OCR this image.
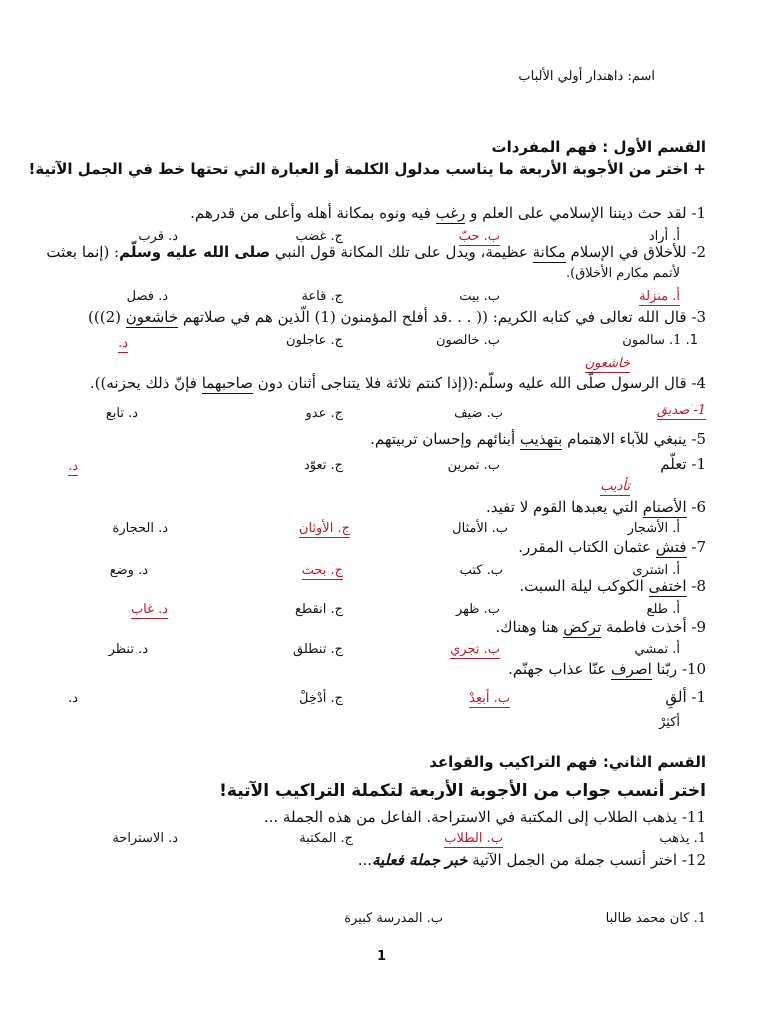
اسم: داهندار أولي الألباب
القسم الأول : فهم المفردات
+ اختر من الأجوبة الأربعة ما يناسب مدلول الكلمة أو العبارة التي تحتها خط في الجمل الآتية!
1- لقد حث ديننا الإسلامي على العلم و رغب فيه ونوه بمكانة أهله وأعلى من قدرهم.
أ. أراد
ب. حبّ
ج. غضب
د. قرب
2- للأخلاق في الإسلام مكانة عظيمة، ويدل على تلك المكانة قول النبي صلى الله عليه وسلّم: (إنما بعثت
لأتمم مكارم الأخلاق).
أ. منزلة
ب. بيت
ج. قاعة
د. فصل
3- قال الله تعالى في كتابه الكريم: (( . . .قد أفلح المؤمنون (1) الّذين هم في صلاتهم خاشعون (2)))
1. 1. سالمون
ب. خالصون
ج. عاجلون
د.
خاشعون
4- قال الرسول صلّى الله عليه وسلّم:((إذا كنتم ثلاثة فلا يتناجى أثنان دون صاحبهما فإنّ ذلك يحزنه)).
1- صديق
ب. ضيف
ج. عدو
د. تابع
5- ينبغي للآباء الاهتمام بتهذيب أبنائهم وإحسان تربيتهم.
1- تعلّم
ب. تمرين
ج. تعوّد
د.
تأديب
6- الأصنام التي يعبدها القوم لا تفيد.
أ. الأشجار
ب. الأمثال
ج. الأوثان
د. الحجارة
7- فتش عثمان الكتاب المقرر.
أ. اشترى
ب. كتب
ج. بحث
د. وضع
8- اختفى الكوكب ليلة السبت.
أ. طلع
ب. ظهر
ج. انقطع
د. غاب
9- أخذت فاطمة تركض هنا وهناك.
أ. تمشي
ب. تجري
ج. تنطلق
د. تنظر
10- ربّنا اصرف عنّا عذاب جهنّم.
1- ألقِ
ب. أبعِدْ
ج. أدْخِلْ
د.
أكثِرْ
القسم الثاني: فهم التراكيب والقواعد
اختر أنسب جواب من الأجوبة الأربعة لتكملة التراكيب الآتية!
11- يذهب الطلاب إلى المكتبة في الاستراحة. الفاعل من هذه الجملة ...
1. يذهب
ب. الطلاب
ج. المكتبة
د. الاستراحة
12- اختر أنسب جملة من الجمل الآتية خبر جملة فعلية...
1. كان محمد طالبا
ب. المدرسة كبيرة
1
